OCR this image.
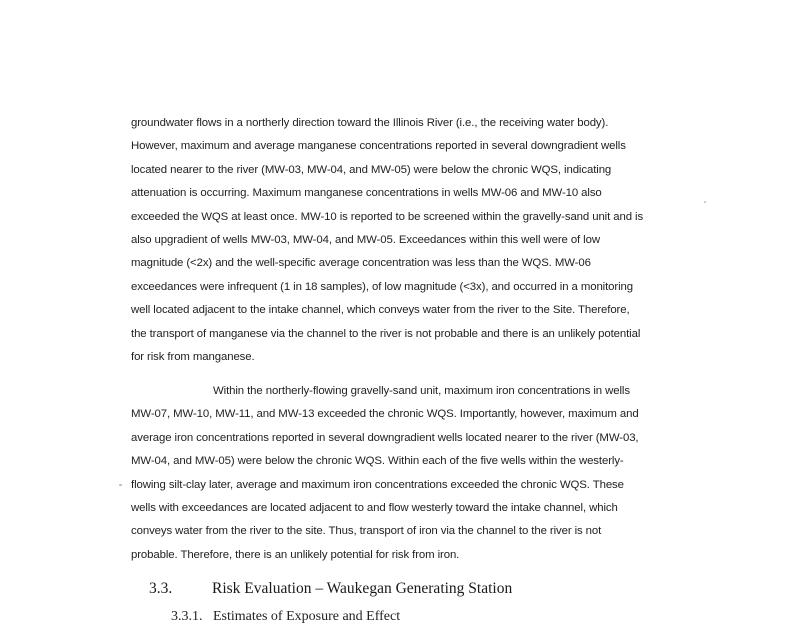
groundwater flows in a northerly direction toward the Illinois River (i.e., the receiving water body).
However, maximum and average manganese concentrations reported in several downgradient wells
located nearer to the river (MW-03, MW-04, and MW-05) were below the chronic WQS, indicating
attenuation is occurring. Maximum manganese concentrations in wells MW-06 and MW-10 also
exceeded the WQS at least once. MW-10 is reported to be screened within the gravelly-sand unit and is
also upgradient of wells MW-03, MW-04, and MW-05. Exceedances within this well were of low
magnitude (<2x) and the well-specific average concentration was less than the WQS. MW-06
exceedances were infrequent (1 in 18 samples), of low magnitude (<3x), and occurred in a monitoring
well located adjacent to the intake channel, which conveys water from the river to the Site. Therefore,
the transport of manganese via the channel to the river is not probable and there is an unlikely potential
for risk from manganese.
Within the northerly-flowing gravelly-sand unit, maximum iron concentrations in wells
MW-07, MW-10, MW-11, and MW-13 exceeded the chronic WQS. Importantly, however, maximum and
average iron concentrations reported in several downgradient wells located nearer to the river (MW-03,
MW-04, and MW-05) were below the chronic WQS. Within each of the five wells within the westerly-
flowing silt-clay later, average and maximum iron concentrations exceeded the chronic WQS. These
wells with exceedances are located adjacent to and flow westerly toward the intake channel, which
conveys water from the river to the site. Thus, transport of iron via the channel to the river is not
probable. Therefore, there is an unlikely potential for risk from iron.
3.3.	Risk Evaluation – Waukegan Generating Station
3.3.1. Estimates of Exposure and Effect
